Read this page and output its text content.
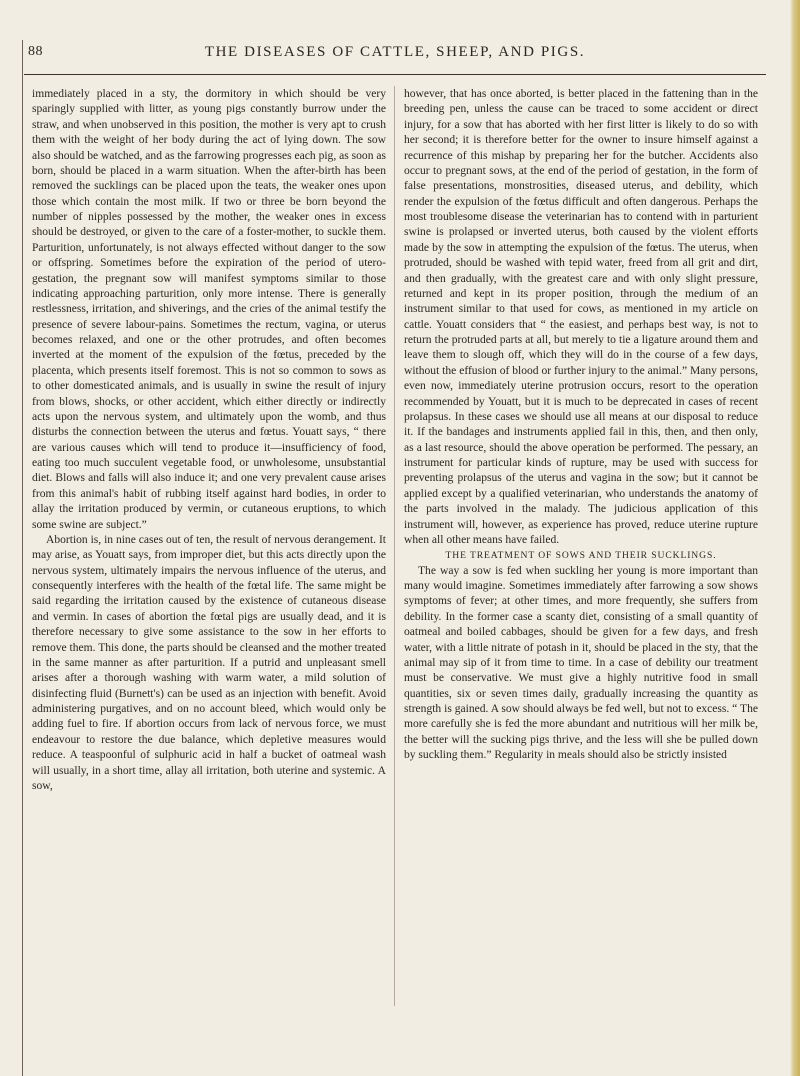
88	THE DISEASES OF CATTLE, SHEEP, AND PIGS.

immediately placed in a sty, the dormitory in which should be very sparingly supplied with litter, as young pigs constantly burrow under the straw, and when unobserved in this position, the mother is very apt to crush them with the weight of her body during the act of lying down. The sow also should be watched, and as the farrowing progresses each pig, as soon as born, should be placed in a warm situation. When the after-birth has been removed the sucklings can be placed upon the teats, the weaker ones upon those which contain the most milk. If two or three be born beyond the number of nipples possessed by the mother, the weaker ones in excess should be destroyed, or given to the care of a foster-mother, to suckle them. Parturition, unfortunately, is not always effected without danger to the sow or offspring. Sometimes before the expiration of the period of utero-gestation, the pregnant sow will manifest symptoms similar to those indicating approaching parturition, only more intense. There is generally restlessness, irritation, and shiverings, and the cries of the animal testify the presence of severe labour-pains. Sometimes the rectum, vagina, or uterus becomes relaxed, and one or the other protrudes, and often becomes inverted at the moment of the expulsion of the fœtus, preceded by the placenta, which presents itself foremost. This is not so common to sows as to other domesticated animals, and is usually in swine the result of injury from blows, shocks, or other accident, which either directly or indirectly acts upon the nervous system, and ultimately upon the womb, and thus disturbs the connection between the uterus and fœtus. Youatt says, “ there are various causes which will tend to produce it—insufficiency of food, eating too much succulent vegetable food, or unwholesome, unsubstantial diet. Blows and falls will also induce it; and one very prevalent cause arises from this animal's habit of rubbing itself against hard bodies, in order to allay the irritation produced by vermin, or cutaneous eruptions, to which some swine are subject.”

Abortion is, in nine cases out of ten, the result of nervous derangement. It may arise, as Youatt says, from improper diet, but this acts directly upon the nervous system, ultimately impairs the nervous influence of the uterus, and consequently interferes with the health of the fœtal life. The same might be said regarding the irritation caused by the existence of cutaneous disease and vermin. In cases of abortion the fœtal pigs are usually dead, and it is therefore necessary to give some assistance to the sow in her efforts to remove them. This done, the parts should be cleansed and the mother treated in the same manner as after parturition. If a putrid and unpleasant smell arises after a thorough washing with warm water, a mild solution of disinfecting fluid (Burnett's) can be used as an injection with benefit. Avoid administering purgatives, and on no account bleed, which would only be adding fuel to fire. If abortion occurs from lack of nervous force, we must endeavour to restore the due balance, which depletive measures would reduce. A teaspoonful of sulphuric acid in half a bucket of oatmeal wash will usually, in a short time, allay all irritation, both uterine and systemic. A sow,

however, that has once aborted, is better placed in the fattening than in the breeding pen, unless the cause can be traced to some accident or direct injury, for a sow that has aborted with her first litter is likely to do so with her second; it is therefore better for the owner to insure himself against a recurrence of this mishap by preparing her for the butcher. Accidents also occur to pregnant sows, at the end of the period of gestation, in the form of false presentations, monstrosities, diseased uterus, and debility, which render the expulsion of the fœtus difficult and often dangerous. Perhaps the most troublesome disease the veterinarian has to contend with in parturient swine is prolapsed or inverted uterus, both caused by the violent efforts made by the sow in attempting the expulsion of the fœtus. The uterus, when protruded, should be washed with tepid water, freed from all grit and dirt, and then gradually, with the greatest care and with only slight pressure, returned and kept in its proper position, through the medium of an instrument similar to that used for cows, as mentioned in my article on cattle. Youatt considers that “ the easiest, and perhaps best way, is not to return the protruded parts at all, but merely to tie a ligature around them and leave them to slough off, which they will do in the course of a few days, without the effusion of blood or further injury to the animal.” Many persons, even now, immediately uterine protrusion occurs, resort to the operation recommended by Youatt, but it is much to be deprecated in cases of recent prolapsus. In these cases we should use all means at our disposal to reduce it. If the bandages and instruments applied fail in this, then, and then only, as a last resource, should the above operation be performed. The pessary, an instrument for particular kinds of rupture, may be used with success for preventing prolapsus of the uterus and vagina in the sow; but it cannot be applied except by a qualified veterinarian, who understands the anatomy of the parts involved in the malady. The judicious application of this instrument will, however, as experience has proved, reduce uterine rupture when all other means have failed.

THE TREATMENT OF SOWS AND THEIR SUCKLINGS.

The way a sow is fed when suckling her young is more important than many would imagine. Sometimes immediately after farrowing a sow shows symptoms of fever; at other times, and more frequently, she suffers from debility. In the former case a scanty diet, consisting of a small quantity of oatmeal and boiled cabbages, should be given for a few days, and fresh water, with a little nitrate of potash in it, should be placed in the sty, that the animal may sip of it from time to time. In a case of debility our treatment must be conservative. We must give a highly nutritive food in small quantities, six or seven times daily, gradually increasing the quantity as strength is gained. A sow should always be fed well, but not to excess. “ The more carefully she is fed the more abundant and nutritious will her milk be, the better will the sucking pigs thrive, and the less will she be pulled down by suckling them.” Regularity in meals should also be strictly insisted
